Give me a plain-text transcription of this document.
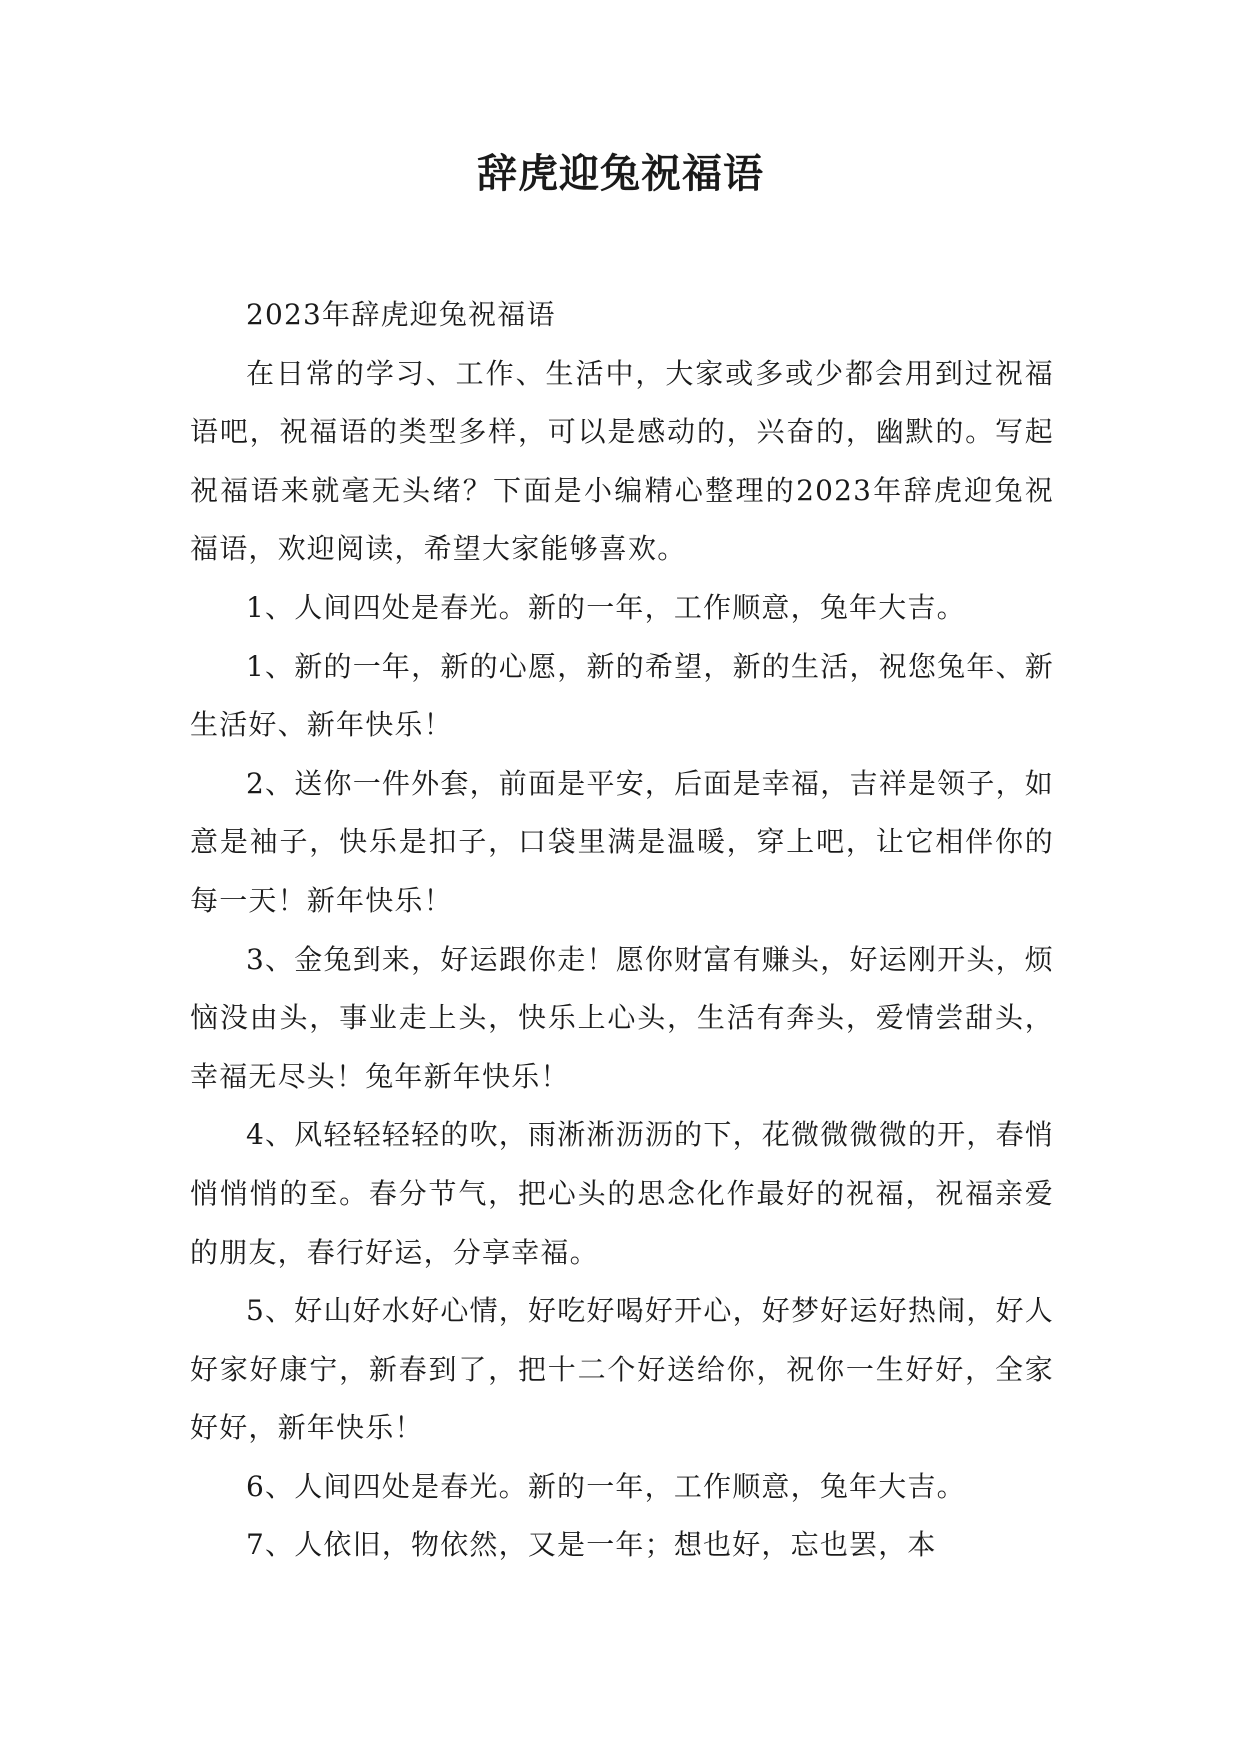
辞虎迎兔祝福语

2023年辞虎迎兔祝福语

在日常的学习、工作、生活中，大家或多或少都会用到过祝福语吧，祝福语的类型多样，可以是感动的，兴奋的，幽默的。写起祝福语来就毫无头绪？下面是小编精心整理的2023年辞虎迎兔祝福语，欢迎阅读，希望大家能够喜欢。

1、人间四处是春光。新的一年，工作顺意，兔年大吉。

1、新的一年，新的心愿，新的希望，新的生活，祝您兔年、新生活好、新年快乐！

2、送你一件外套，前面是平安，后面是幸福，吉祥是领子，如意是袖子，快乐是扣子，口袋里满是温暖，穿上吧，让它相伴你的每一天！新年快乐！

3、金兔到来，好运跟你走！愿你财富有赚头，好运刚开头，烦恼没由头，事业走上头，快乐上心头，生活有奔头，爱情尝甜头，幸福无尽头！兔年新年快乐！

4、风轻轻轻轻的吹，雨淅淅沥沥的下，花微微微微的开，春悄悄悄悄的至。春分节气，把心头的思念化作最好的祝福，祝福亲爱的朋友，春行好运，分享幸福。

5、好山好水好心情，好吃好喝好开心，好梦好运好热闹，好人好家好康宁，新春到了，把十二个好送给你，祝你一生好好，全家好好，新年快乐！

6、人间四处是春光。新的一年，工作顺意，兔年大吉。

7、人依旧，物依然，又是一年；想也好，忘也罢，本
